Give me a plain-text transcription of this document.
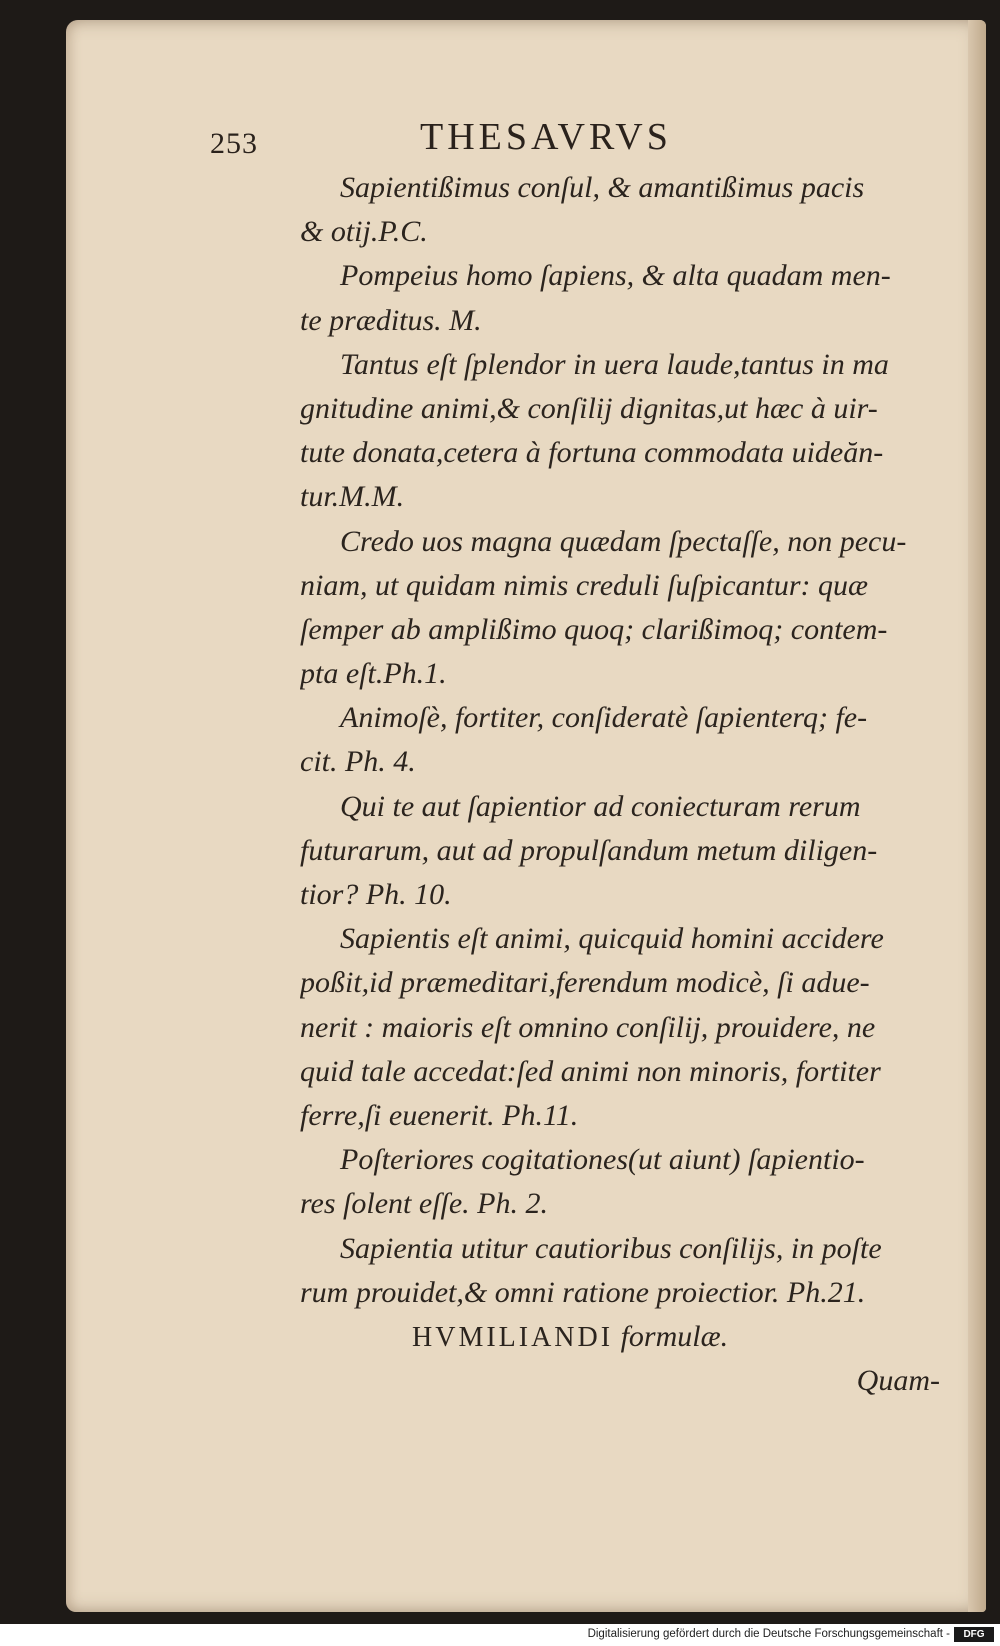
253	THESAVRVS
Sapientißimus conſul, & amantißimus pacis
& otij.P.C.
Pompeius homo ſapiens, & alta quadam men-
te præditus. M.
Tantus eſt ſplendor in uera laude,tantus in ma
gnitudine animi,& conſilij dignitas,ut hæc à uir-
tute donata,cetera à fortuna commodata uideăn-
tur.M.M.
Credo uos magna quædam ſpectaſſe, non pecu-
niam, ut quidam nimis creduli ſuſpicantur: quæ
ſemper ab amplißimo quoq; clarißimoq; contem-
pta eſt.Ph.1.
Animoſè, fortiter, conſideratè ſapienterq; fe-
cit. Ph. 4.
Qui te aut ſapientior ad coniecturam rerum
futurarum, aut ad propulſandum metum diligen-
tior? Ph. 10.
Sapientis eſt animi, quicquid homini accidere
poßit,id præmeditari,ferendum modicè, ſi adue-
nerit : maioris eſt omnino conſilij, prouidere, ne
quid tale accedat:ſed animi non minoris, fortiter
ferre,ſi euenerit. Ph.11.
Poſteriores cogitationes(ut aiunt) ſapientio-
res ſolent eſſe. Ph. 2.
Sapientia utitur cautioribus conſilijs, in poſte
rum prouidet,& omni ratione proiectior. Ph.21.
HVMILIANDI formulæ.
Quam-
Digitalisierung gefördert durch die Deutsche Forschungsgemeinschaft -	DFG
